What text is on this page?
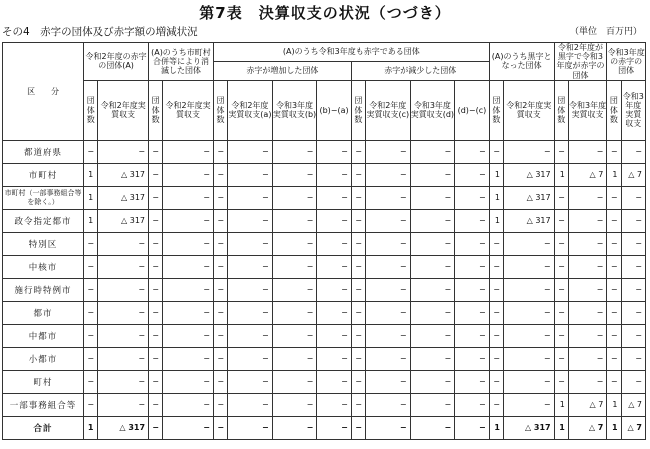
第7表　決算収支の状況（つづき）
その4　赤字の団体及び赤字額の増減状況	（単位　百万円）
区　　分	令和2年度の赤字の団体(A)		(A)のうち市町村合併等により消滅した団体		(A)のうち令和3年度も赤字である団体								(A)のうち黒字となった団体		令和2年度が黒字で令和3年度が赤字の団体		令和3年度の赤字の団体	
					赤字が増加した団体				赤字が減少した団体									
	団体数	令和2年度実質収支	団体数	令和2年度実質収支	団体数	令和2年度実質収支(a)	令和3年度実質収支(b)	(b)−(a)	団体数	令和2年度実質収支(c)	令和3年度実質収支(d)	(d)−(c)	団体数	令和2年度実質収支	団体数	令和3年度実質収支	団体数	令和3年度実質収支
都道府県	−	−	−	−	−	−	−	−	−	−	−	−	−	−	−	−	−	−
市町村	1	△ 317	−	−	−	−	−	−	−	−	−	−	1	△ 317	1	△ 7	1	△ 7
市町村（一部事務組合等を除く。）	1	△ 317	−	−	−	−	−	−	−	−	−	−	1	△ 317	−	−	−	−
政令指定都市	1	△ 317	−	−	−	−	−	−	−	−	−	−	1	△ 317	−	−	−	−
特別区	−	−	−	−	−	−	−	−	−	−	−	−	−	−	−	−	−	−
中核市	−	−	−	−	−	−	−	−	−	−	−	−	−	−	−	−	−	−
施行時特例市	−	−	−	−	−	−	−	−	−	−	−	−	−	−	−	−	−	−
都市	−	−	−	−	−	−	−	−	−	−	−	−	−	−	−	−	−	−
中都市	−	−	−	−	−	−	−	−	−	−	−	−	−	−	−	−	−	−
小都市	−	−	−	−	−	−	−	−	−	−	−	−	−	−	−	−	−	−
町村	−	−	−	−	−	−	−	−	−	−	−	−	−	−	−	−	−	−
一部事務組合等	−	−	−	−	−	−	−	−	−	−	−	−	−	−	1	△ 7	1	△ 7
合計	1	△ 317	−	−	−	−	−	−	−	−	−	−	1	△ 317	1	△ 7	1	△ 7
